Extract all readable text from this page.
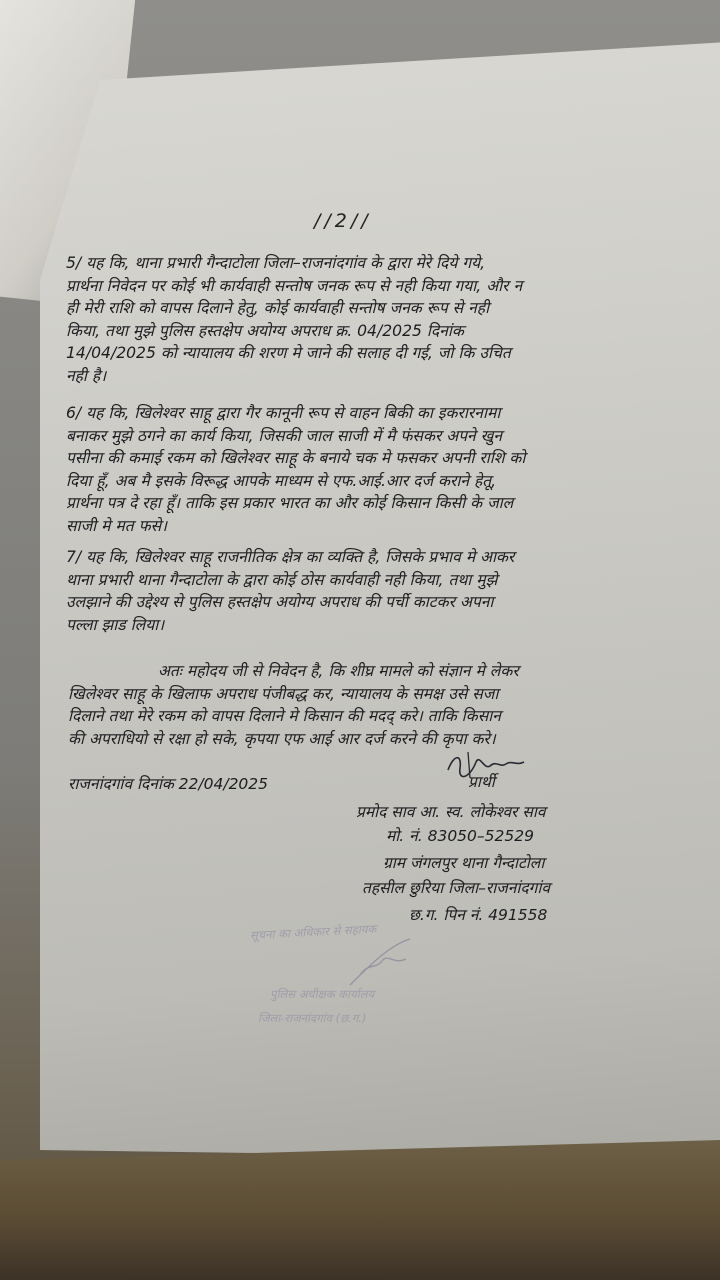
//2//
5/ यह कि, थाना प्रभारी गैन्दाटोला जिला–राजनांदगांव के द्वारा मेरे दिये गये,
प्रार्थना निवेदन पर कोई भी कार्यवाही सन्तोष जनक रूप से नही किया गया, और न
ही मेरी राशि को वापस दिलाने हेतु, कोई कार्यवाही सन्तोष जनक रूप से नही
किया, तथा मुझे पुलिस हस्तक्षेप अयोग्य अपराध क्र. 04/2025 दिनांक
14/04/2025 को न्यायालय की शरण मे जाने की सलाह दी गई, जो कि उचित
नही है।
6/ यह कि, खिलेश्वर साहू द्वारा गैर कानूनी रूप से वाहन बिकी का इकरारनामा
बनाकर मुझे ठगने का कार्य किया, जिसकी जाल साजी में मै फंसकर अपने खुन
पसीना की कमाई रकम को खिलेश्वर साहू के बनाये चक मे फसकर अपनी राशि को
दिया हूँ, अब मै इसके विरूद्ध आपके माध्यम से एफ.आई.आर दर्ज कराने हेतू,
प्रार्थना पत्र दे रहा हूँ। ताकि इस प्रकार भारत का और कोई किसान किसी के जाल
साजी मे मत फसे।
7/ यह कि, खिलेश्वर साहू राजनीतिक क्षेत्र का व्यक्ति है, जिसके प्रभाव मे आकर
थाना प्रभारी थाना गैन्दाटोला के द्वारा कोई ठोस कार्यवाही नही किया, तथा मुझे
उलझाने की उद्देश्य से पुलिस हस्तक्षेप अयोग्य अपराध की पर्ची काटकर अपना
पल्ला झाड लिया।
अतः महोदय जी से निवेदन है, कि शीघ्र मामले को संज्ञान मे लेकर
खिलेश्वर साहू के खिलाफ अपराध पंजीबद्ध कर, न्यायालय के समक्ष उसे सजा
दिलाने तथा मेरे रकम को वापस दिलाने मे किसान की मदद् करे। ताकि किसान
की अपराधियो से रक्षा हो सके, कृपया एफ आई आर दर्ज करने की कृपा करे।
राजनांदगांव दिनांक 22/04/2025	प्रार्थी
प्रमोद साव आ. स्व. लोकेश्वर साव
मो. नं. 83050–52529
ग्राम जंगलपुर थाना गैन्दाटोला
तहसील छुरिया जिला–राजनांदगांव
छ.ग. पिन नं. 491558
सूचना का अधिकार से सहायक
पुलिस अधीक्षक कार्यालय
जिला-राजनांदगांव (छ.ग.)
